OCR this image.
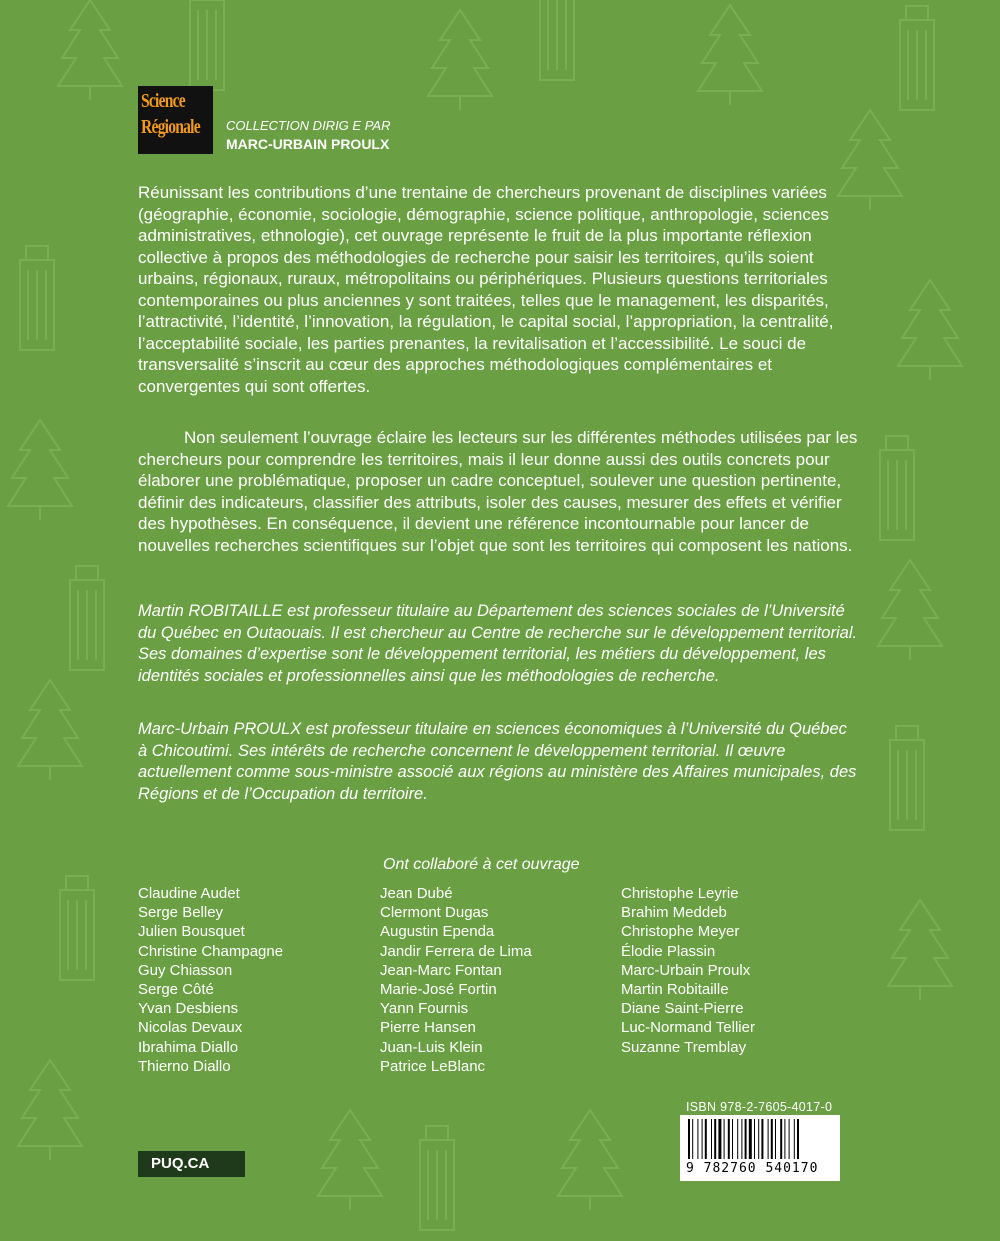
Science
Régionale COLLECTION DIRIG E PAR
MARC-URBAIN PROULX
Réunissant les contributions d’une trentaine de chercheurs provenant de disciplines variées (géographie, économie, sociologie, démographie, science politique, anthropologie, sciences administratives, ethnologie), cet ouvrage représente le fruit de la plus importante réflexion collective à propos des méthodologies de recherche pour saisir les territoires, qu’ils soient urbains, régionaux, ruraux, métropolitains ou périphériques. Plusieurs questions territoriales contemporaines ou plus anciennes y sont traitées, telles que le management, les disparités, l’attractivité, l’identité, l’innovation, la régulation, le capital social, l’appropriation, la centralité, l’acceptabilité sociale, les parties prenantes, la revitalisation et l’accessibilité. Le souci de transversalité s’inscrit au cœur des approches méthodologiques complémentaires et convergentes qui sont offertes.
Non seulement l’ouvrage éclaire les lecteurs sur les différentes méthodes utilisées par les chercheurs pour comprendre les territoires, mais il leur donne aussi des outils concrets pour élaborer une problématique, proposer un cadre conceptuel, soulever une question pertinente, définir des indicateurs, classifier des attributs, isoler des causes, mesurer des effets et vérifier des hypothèses. En conséquence, il devient une référence incontournable pour lancer de nouvelles recherches scientifiques sur l’objet que sont les territoires qui composent les nations.
Martin ROBITAILLE est professeur titulaire au Département des sciences sociales de l’Université du Québec en Outaouais. Il est chercheur au Centre de recherche sur le développement territorial. Ses domaines d’expertise sont le développement territorial, les métiers du développement, les identités sociales et professionnelles ainsi que les méthodologies de recherche.
Marc-Urbain PROULX est professeur titulaire en sciences économiques à l’Université du Québec à Chicoutimi. Ses intérêts de recherche concernent le développement territorial. Il œuvre actuellement comme sous-ministre associé aux régions au ministère des Affaires municipales, des Régions et de l’Occupation du territoire.
Ont collaboré à cet ouvrage
Claudine Audet
Serge Belley
Julien Bousquet
Christine Champagne
Guy Chiasson
Serge Côté
Yvan Desbiens
Nicolas Devaux
Ibrahima Diallo
Thierno Diallo
Jean Dubé
Clermont Dugas
Augustin Ependa
Jandir Ferrera de Lima
Jean-Marc Fontan
Marie-José Fortin
Yann Fournis
Pierre Hansen
Juan-Luis Klein
Patrice LeBlanc
Christophe Leyrie
Brahim Meddeb
Christophe Meyer
Élodie Plassin
Marc-Urbain Proulx
Martin Robitaille
Diane Saint-Pierre
Luc-Normand Tellier
Suzanne Tremblay
ISBN 978-2-7605-4017-0
9 782760 540170
PUQ.CA
